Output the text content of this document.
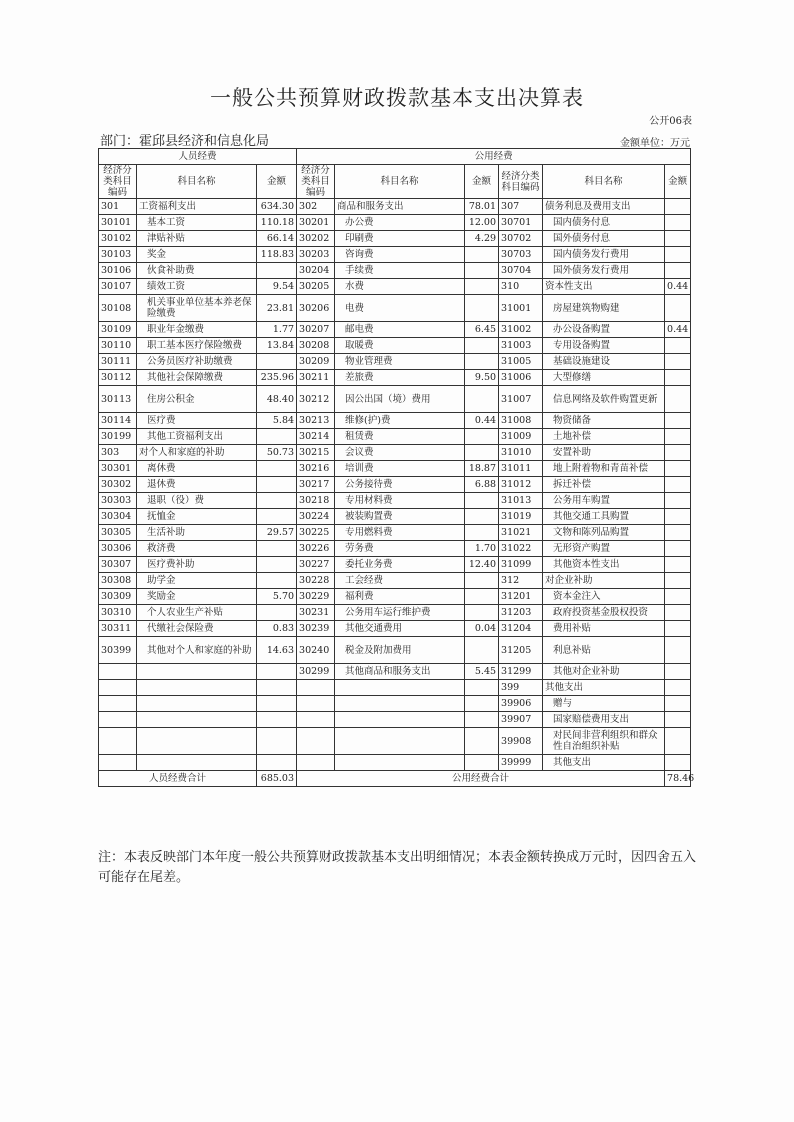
一般公共预算财政拨款基本支出决算表
公开06表
部门：霍邱县经济和信息化局	金额单位：万元
人员经费			公用经费					
经济分类科目编码	科目名称	金额	经济分类科目编码	科目名称	金额	经济分类科目编码	科目名称	金额
301	工资福利支出	634.30	302	商品和服务支出	78.01	307	债务利息及费用支出	
30101	基本工资	110.18	30201	办公费	12.00	30701	国内债务付息	
30102	津贴补贴	66.14	30202	印刷费	4.29	30702	国外债务付息	
30103	奖金	118.83	30203	咨询费		30703	国内债务发行费用	
30106	伙食补助费		30204	手续费		30704	国外债务发行费用	
30107	绩效工资	9.54	30205	水费		310	资本性支出	0.44
30108	机关事业单位基本养老保险缴费	23.81	30206	电费		31001	房屋建筑物购建	
30109	职业年金缴费	1.77	30207	邮电费	6.45	31002	办公设备购置	0.44
30110	职工基本医疗保险缴费	13.84	30208	取暖费		31003	专用设备购置	
30111	公务员医疗补助缴费		30209	物业管理费		31005	基础设施建设	
30112	其他社会保障缴费	235.96	30211	差旅费	9.50	31006	大型修缮	
30113	住房公积金	48.40	30212	因公出国（境）费用		31007	信息网络及软件购置更新	
30114	医疗费	5.84	30213	维修(护)费	0.44	31008	物资储备	
30199	其他工资福利支出		30214	租赁费		31009	土地补偿	
303	对个人和家庭的补助	50.73	30215	会议费		31010	安置补助	
30301	离休费		30216	培训费	18.87	31011	地上附着物和青苗补偿	
30302	退休费		30217	公务接待费	6.88	31012	拆迁补偿	
30303	退职（役）费		30218	专用材料费		31013	公务用车购置	
30304	抚恤金		30224	被装购置费		31019	其他交通工具购置	
30305	生活补助	29.57	30225	专用燃料费		31021	文物和陈列品购置	
30306	救济费		30226	劳务费	1.70	31022	无形资产购置	
30307	医疗费补助		30227	委托业务费	12.40	31099	其他资本性支出	
30308	助学金		30228	工会经费		312	对企业补助	
30309	奖励金	5.70	30229	福利费		31201	资本金注入	
30310	个人农业生产补贴		30231	公务用车运行维护费		31203	政府投资基金股权投资	
30311	代缴社会保险费	0.83	30239	其他交通费用	0.04	31204	费用补贴	
30399	其他对个人和家庭的补助	14.63	30240	税金及附加费用		31205	利息补贴	
			30299	其他商品和服务支出	5.45	31299	其他对企业补助	
						399	其他支出	
						39906	赠与	
						39907	国家赔偿费用支出	
						39908	对民间非营利组织和群众性自治组织补贴	
						39999	其他支出	
人员经费合计		685.03	公用经费合计					78.46
注：本表反映部门本年度一般公共预算财政拨款基本支出明细情况；本表金额转换成万元时，因四舍五入可能存在尾差。
